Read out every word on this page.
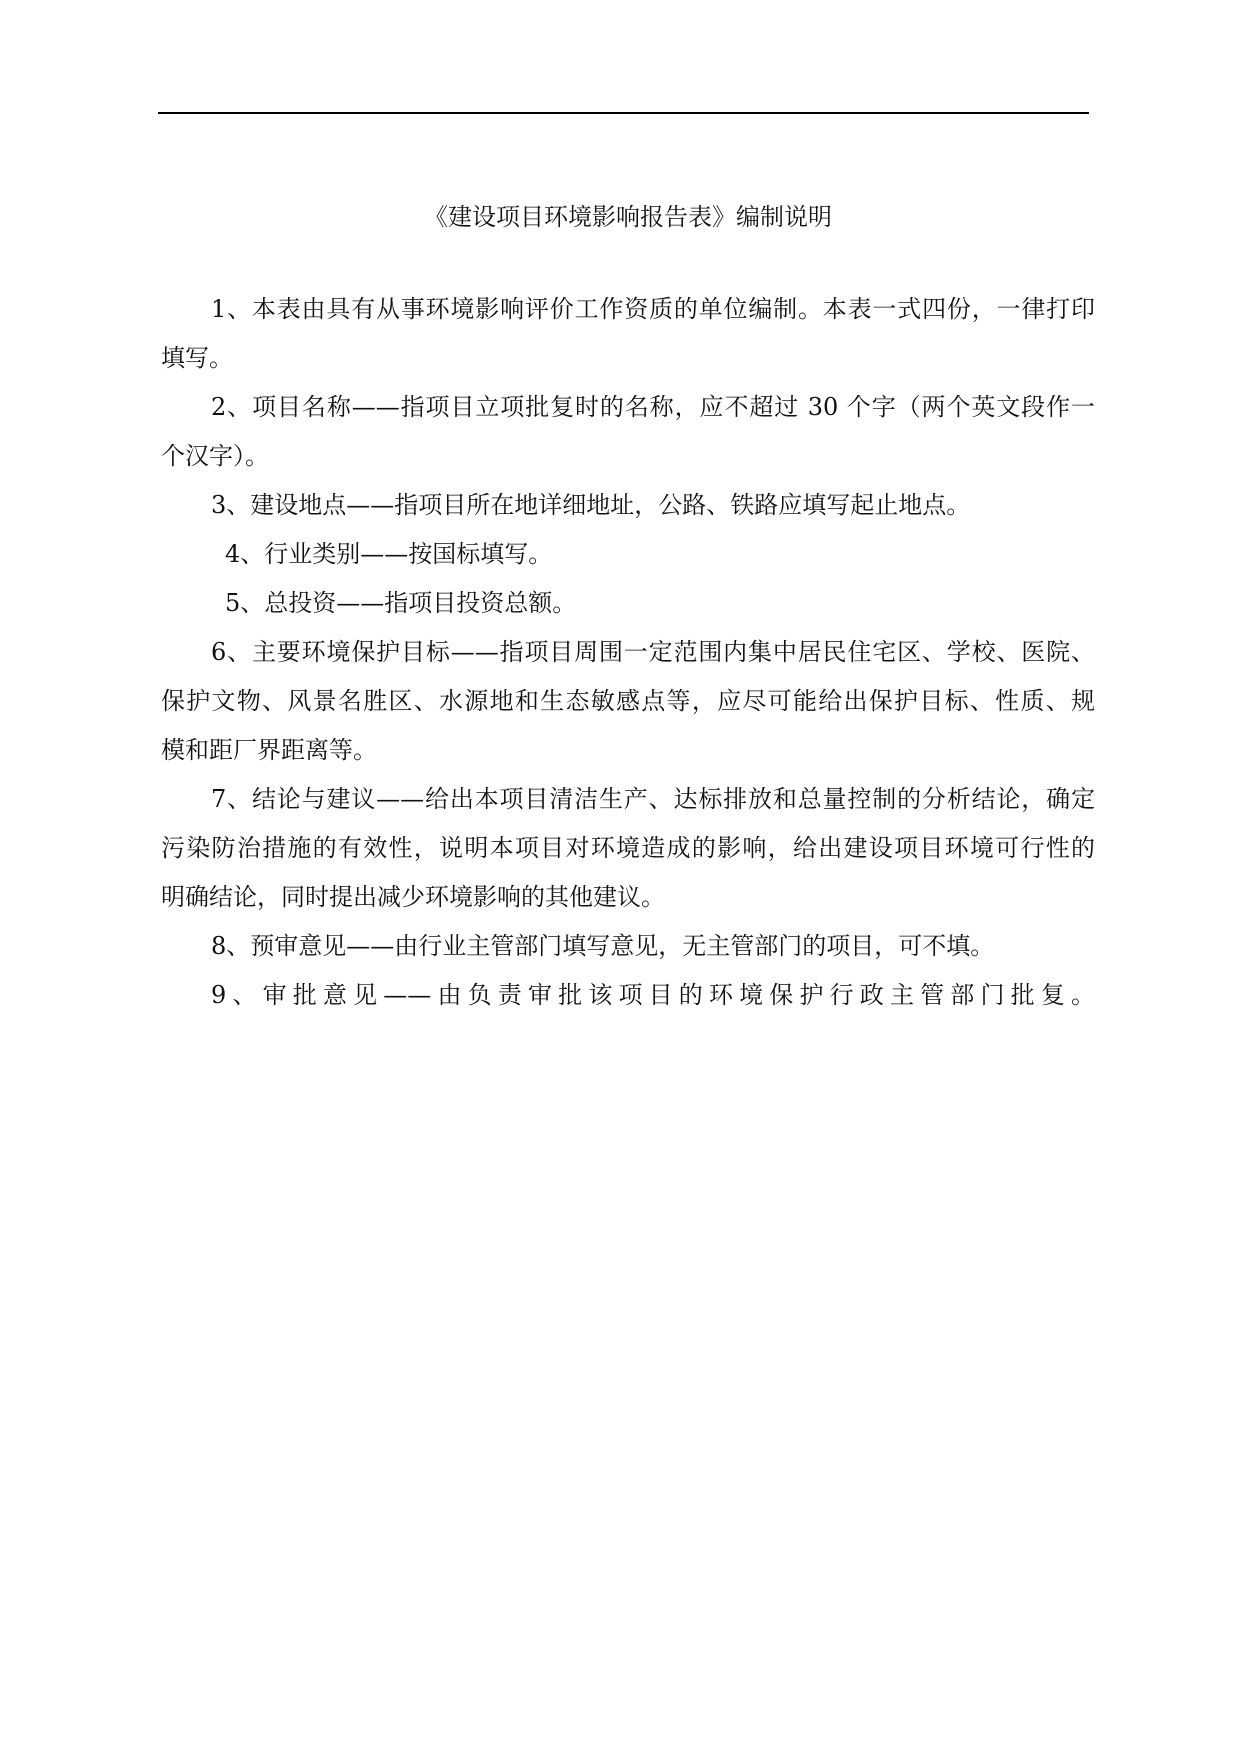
《建设项目环境影响报告表》编制说明
1、本表由具有从事环境影响评价工作资质的单位编制。本表一式四份，一律打印
填写。
2、项目名称——指项目立项批复时的名称，应不超过 30 个字（两个英文段作一
个汉字）。
3、建设地点——指项目所在地详细地址，公路、铁路应填写起止地点。
4、行业类别——按国标填写。
5、总投资——指项目投资总额。
6、主要环境保护目标——指项目周围一定范围内集中居民住宅区、学校、医院、
保护文物、风景名胜区、水源地和生态敏感点等，应尽可能给出保护目标、性质、规
模和距厂界距离等。
7、结论与建议——给出本项目清洁生产、达标排放和总量控制的分析结论，确定
污染防治措施的有效性，说明本项目对环境造成的影响，给出建设项目环境可行性的
明确结论，同时提出减少环境影响的其他建议。
8、预审意见——由行业主管部门填写意见，无主管部门的项目，可不填。
9、审批意见——由负责审批该项目的环境保护行政主管部门批复。
